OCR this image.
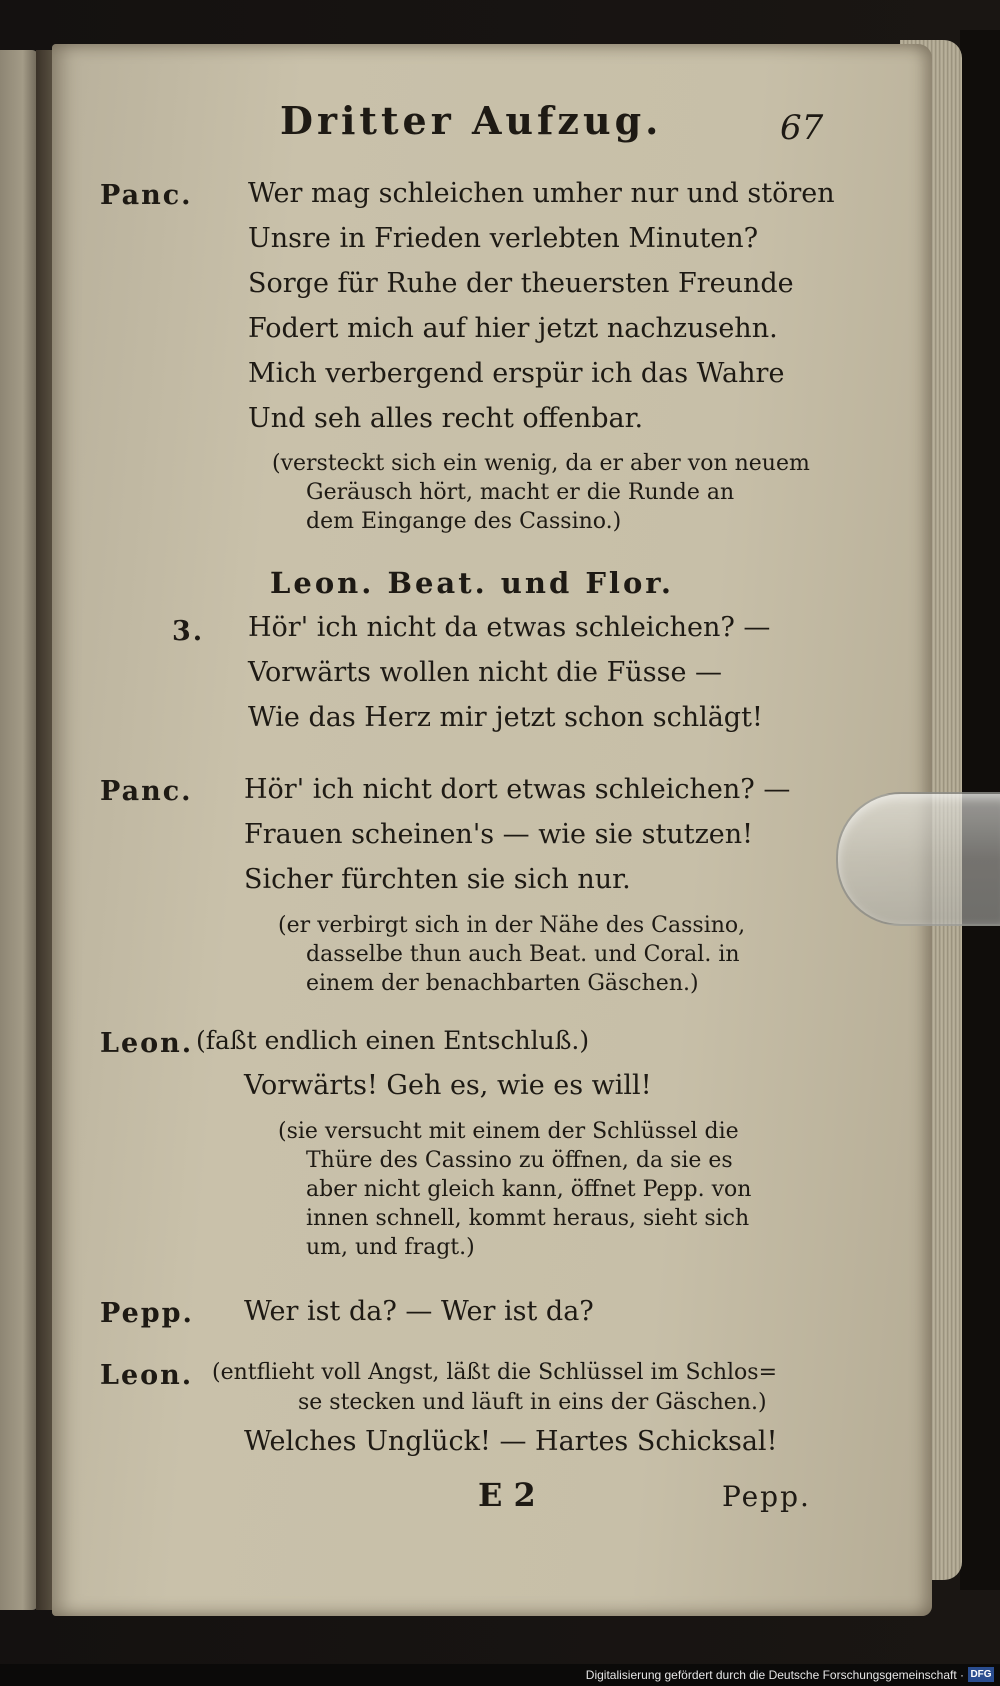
Dritter Aufzug.	67
Panc. Wer mag schleichen umher nur und stören
Unsre in Frieden verlebten Minuten?
Sorge für Ruhe der theuersten Freunde
Fodert mich auf hier jetzt nachzusehn.
Mich verbergend erspür ich das Wahre
Und seh alles recht offenbar.
(versteckt sich ein wenig, da er aber von neuem
Geräusch hört, macht er die Runde an
dem Eingange des Cassino.)
Leon. Beat. und Flor.
3. Hör' ich nicht da etwas schleichen? —
Vorwärts wollen nicht die Füsse —
Wie das Herz mir jetzt schon schlägt!
Panc. Hör' ich nicht dort etwas schleichen? —
Frauen scheinen's — wie sie stutzen!
Sicher fürchten sie sich nur.
(er verbirgt sich in der Nähe des Cassino,
dasselbe thun auch Beat. und Coral. in
einem der benachbarten Gäschen.)
Leon. (faßt endlich einen Entschluß.)
Vorwärts! Geh es, wie es will!
(sie versucht mit einem der Schlüssel die
Thüre des Cassino zu öffnen, da sie es
aber nicht gleich kann, öffnet Pepp. von
innen schnell, kommt heraus, sieht sich
um, und fragt.)
Pepp. Wer ist da? — Wer ist da?
Leon. (entflieht voll Angst, läßt die Schlüssel im Schlos=
se stecken und läuft in eins der Gäschen.)
Welches Unglück! — Hartes Schicksal!
E 2	Pepp.
Digitalisierung gefördert durch die Deutsche Forschungsgemeinschaft · DFG
